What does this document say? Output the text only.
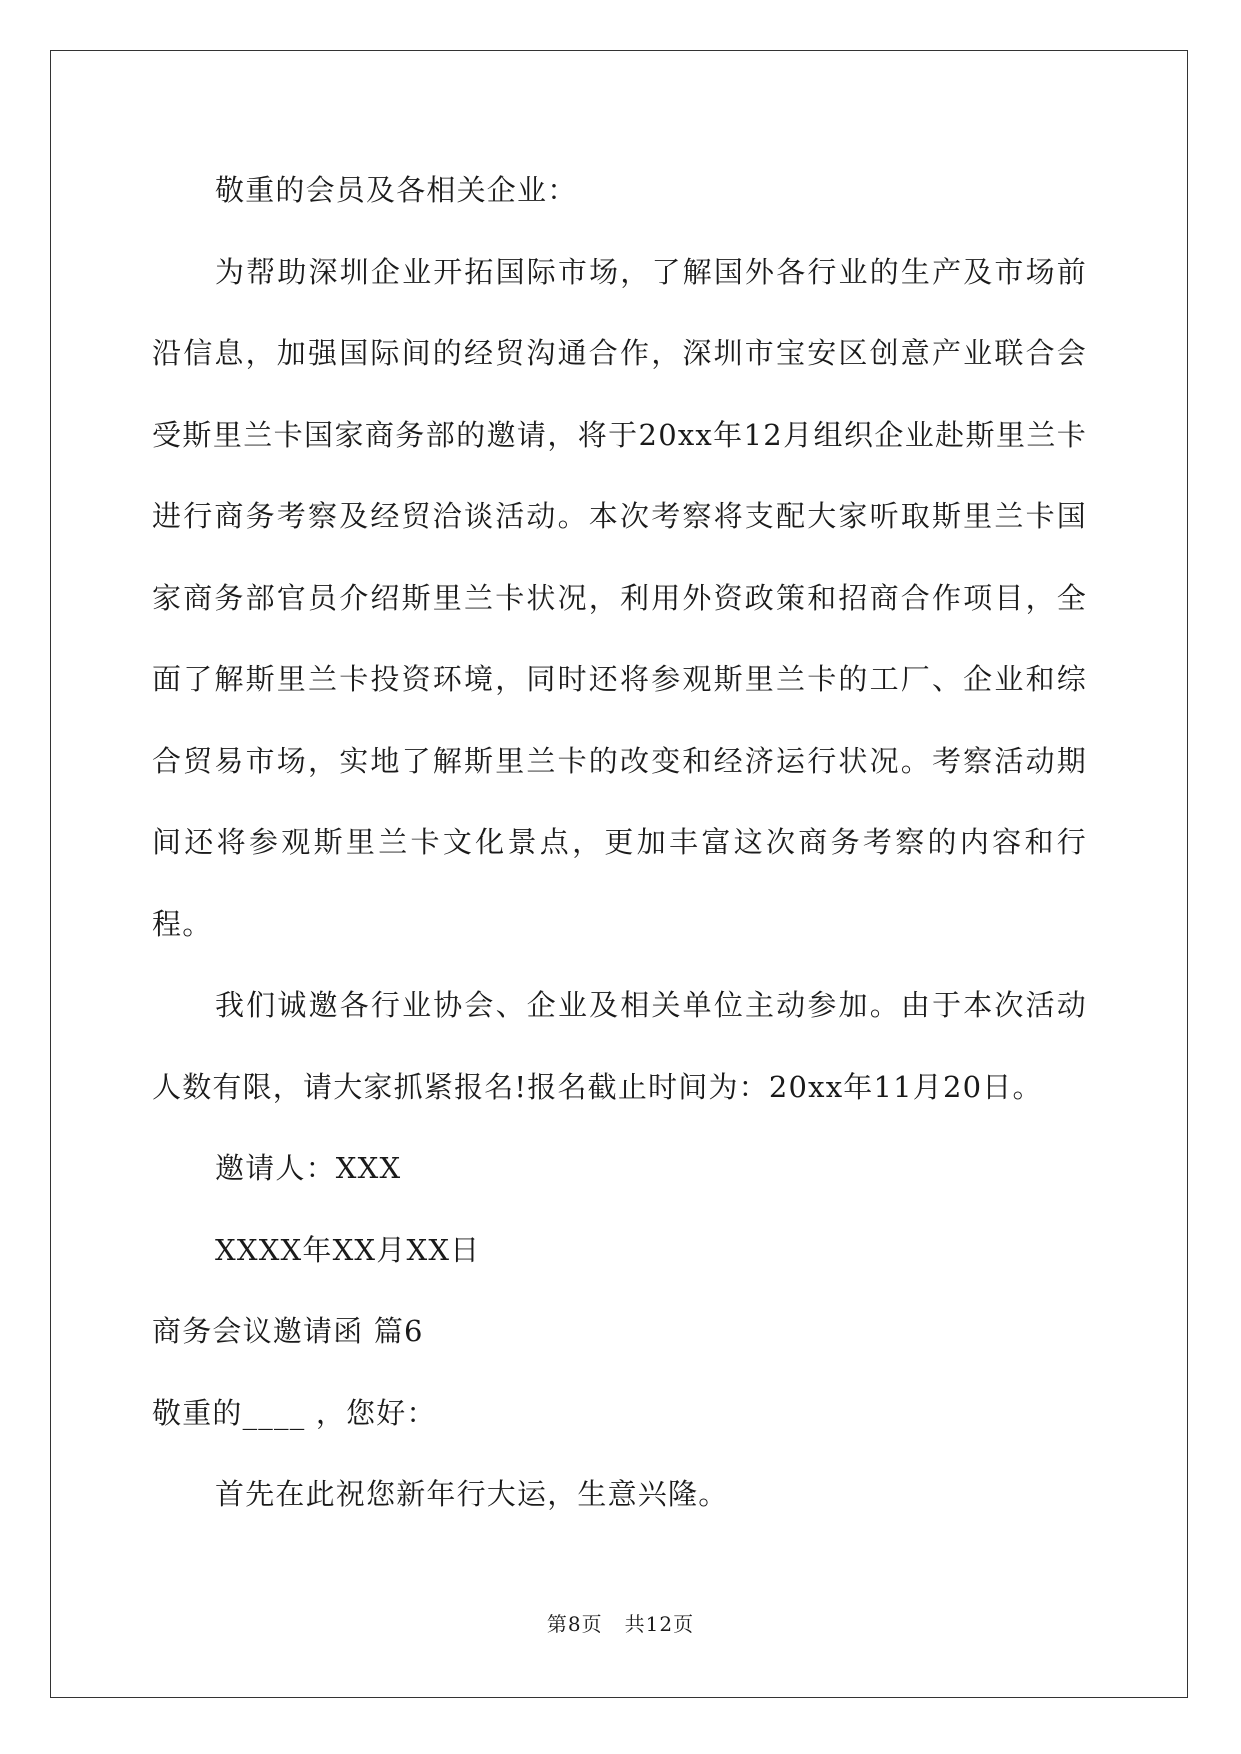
敬重的会员及各相关企业：

为帮助深圳企业开拓国际市场，了解国外各行业的生产及市场前沿信息，加强国际间的经贸沟通合作，深圳市宝安区创意产业联合会受斯里兰卡国家商务部的邀请，将于20xx年12月组织企业赴斯里兰卡进行商务考察及经贸洽谈活动。本次考察将支配大家听取斯里兰卡国家商务部官员介绍斯里兰卡状况，利用外资政策和招商合作项目，全面了解斯里兰卡投资环境，同时还将参观斯里兰卡的工厂、企业和综合贸易市场，实地了解斯里兰卡的改变和经济运行状况。考察活动期间还将参观斯里兰卡文化景点，更加丰富这次商务考察的内容和行程。

我们诚邀各行业协会、企业及相关单位主动参加。由于本次活动人数有限，请大家抓紧报名!报名截止时间为：20xx年11月20日。

邀请人：XXX

XXXX年XX月XX日

商务会议邀请函 篇6

敬重的____ ，您好：

首先在此祝您新年行大运，生意兴隆。

第8页 共12页
